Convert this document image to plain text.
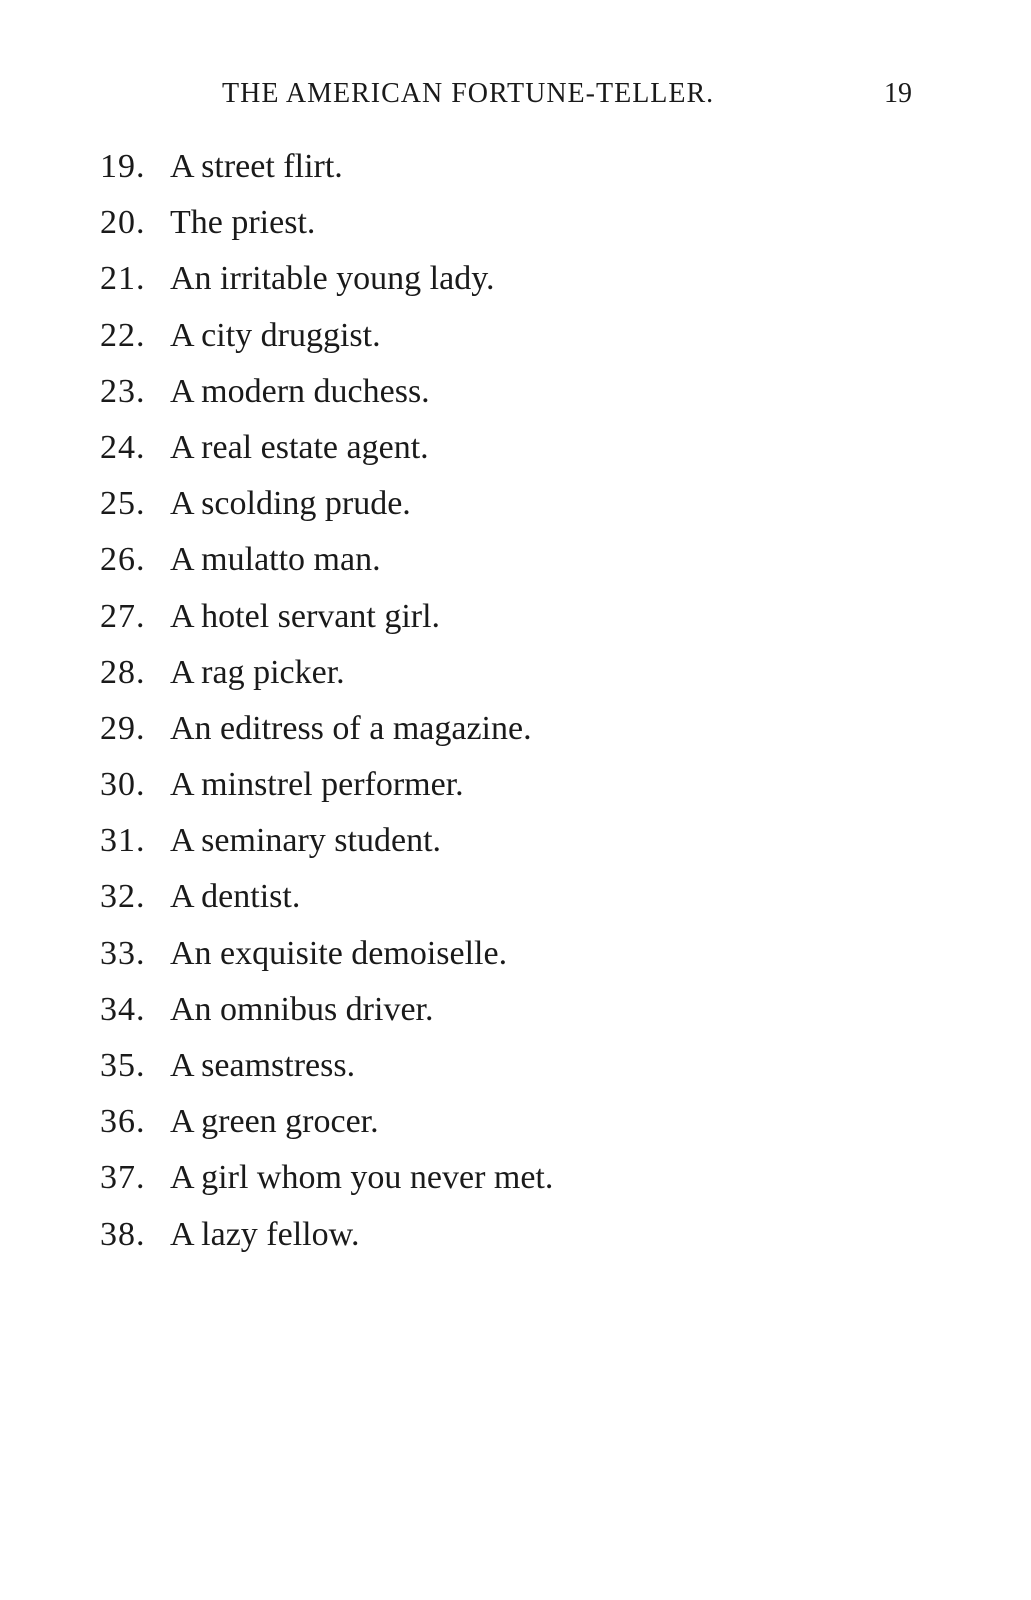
THE AMERICAN FORTUNE-TELLER.	19
19. A street flirt.
20. The priest.
21. An irritable young lady.
22. A city druggist.
23. A modern duchess.
24. A real estate agent.
25. A scolding prude.
26. A mulatto man.
27. A hotel servant girl.
28. A rag picker.
29. An editress of a magazine.
30. A minstrel performer.
31. A seminary student.
32. A dentist.
33. An exquisite demoiselle.
34. An omnibus driver.
35. A seamstress.
36. A green grocer.
37. A girl whom you never met.
38. A lazy fellow.
